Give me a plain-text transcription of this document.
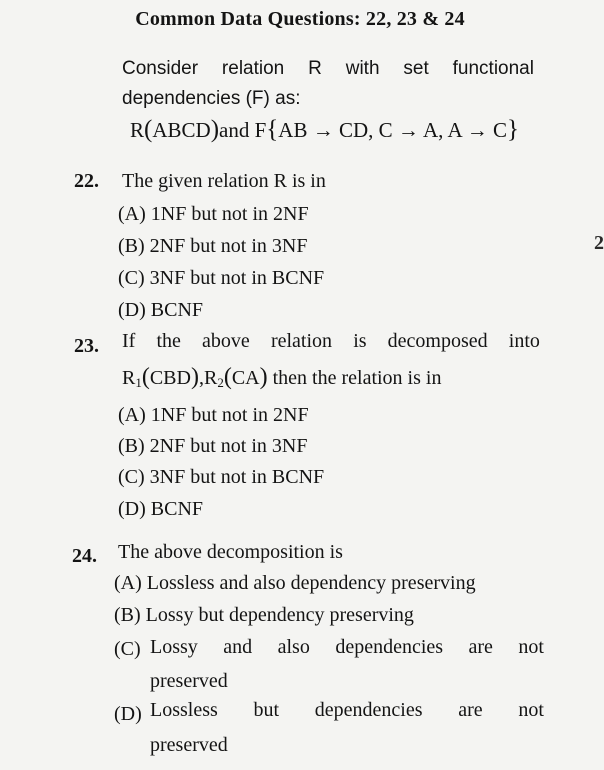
Common Data Questions: 22, 23 & 24
Consider relation R with set functional
dependencies (F) as:
R(ABCD)and F{AB → CD, C → A, A → C}
22. The given relation R is in
(A) 1NF but not in 2NF
(B) 2NF but not in 3NF
(C) 3NF but not in BCNF
(D) BCNF
2
23. If the above relation is decomposed into
$R_1(CBD),R_2(CA)$ then the relation is in
(A) 1NF but not in 2NF
(B) 2NF but not in 3NF
(C) 3NF but not in BCNF
(D) BCNF
24. The above decomposition is
(A) Lossless and also dependency preserving
(B) Lossy but dependency preserving
(C) Lossy and also dependencies are not
preserved
(D) Lossless but dependencies are not
preserved
